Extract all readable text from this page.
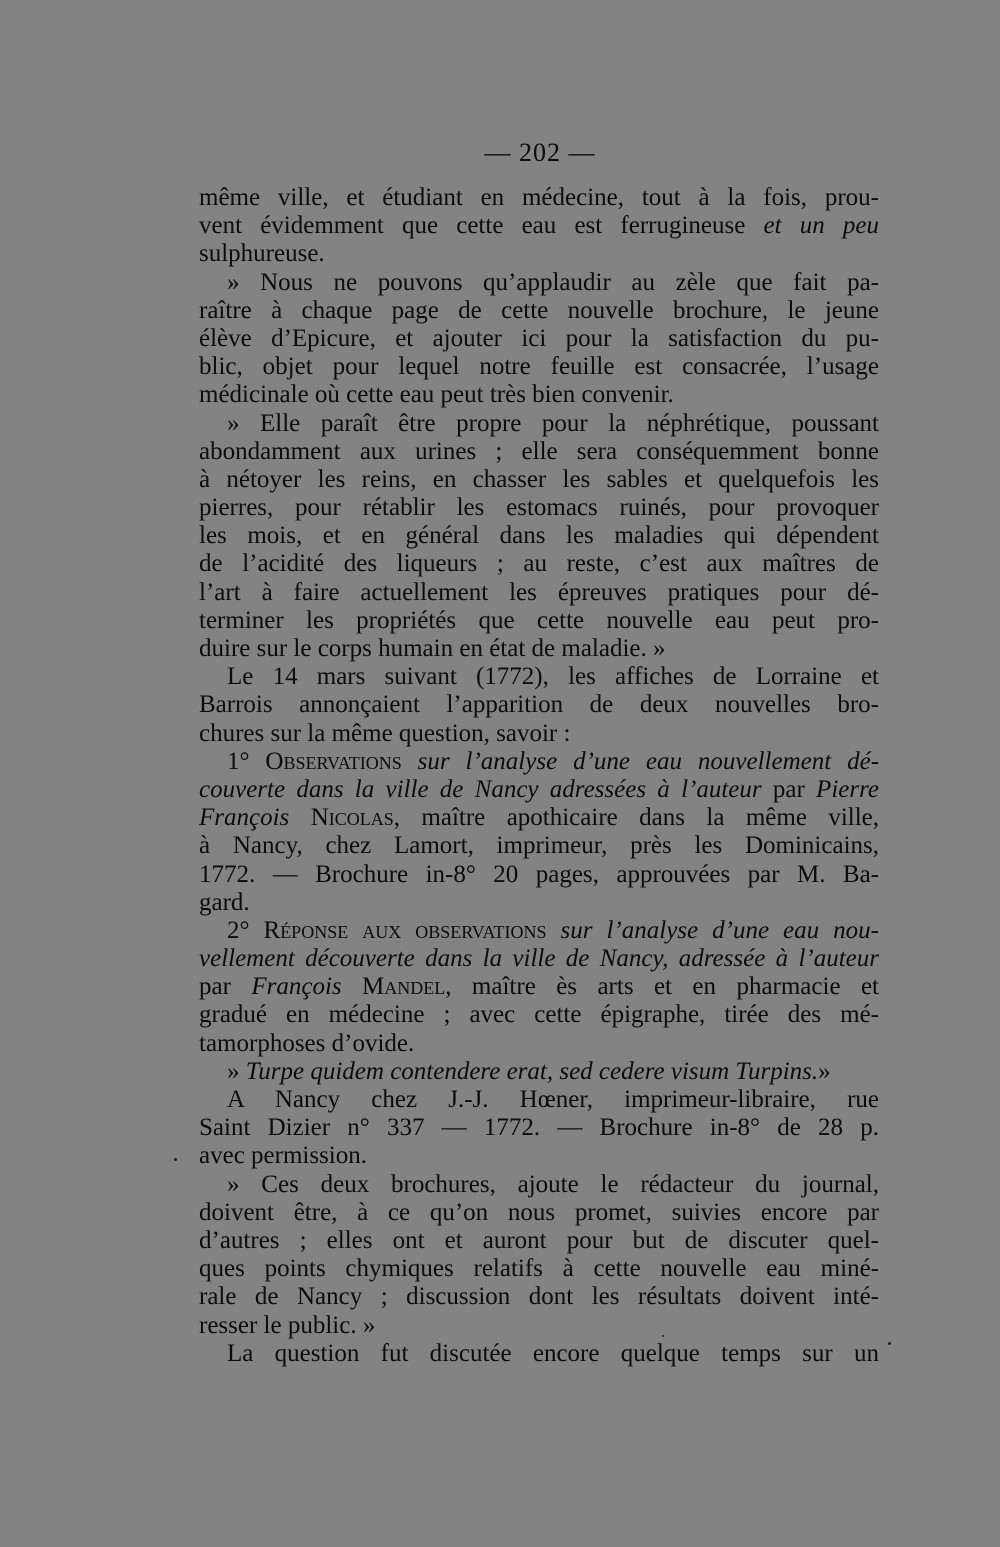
— 202 —
même ville, et étudiant en médecine, tout à la fois, prou-
vent évidemment que cette eau est ferrugineuse et un peu
sulphureuse.
» Nous ne pouvons qu’applaudir au zèle que fait pa-
raître à chaque page de cette nouvelle brochure, le jeune
élève d’Epicure, et ajouter ici pour la satisfaction du pu-
blic, objet pour lequel notre feuille est consacrée, l’usage
médicinale où cette eau peut très bien convenir.
» Elle paraît être propre pour la néphrétique, poussant
abondamment aux urines ; elle sera conséquemment bonne
à nétoyer les reins, en chasser les sables et quelquefois les
pierres, pour rétablir les estomacs ruinés, pour provoquer
les mois, et en général dans les maladies qui dépendent
de l’acidité des liqueurs ; au reste, c’est aux maîtres de
l’art à faire actuellement les épreuves pratiques pour dé-
terminer les propriétés que cette nouvelle eau peut pro-
duire sur le corps humain en état de maladie. »
Le 14 mars suivant (1772), les affiches de Lorraine et
Barrois annonçaient l’apparition de deux nouvelles bro-
chures sur la même question, savoir :
1° Observations sur l’analyse d’une eau nouvellement dé-
couverte dans la ville de Nancy adressées à l’auteur par Pierre
François Nicolas, maître apothicaire dans la même ville,
à Nancy, chez Lamort, imprimeur, près les Dominicains,
1772. — Brochure in-8° 20 pages, approuvées par M. Ba-
gard.
2° Réponse aux observations sur l’analyse d’une eau nou-
vellement découverte dans la ville de Nancy, adressée à l’auteur
par François Mandel, maître ès arts et en pharmacie et
gradué en médecine ; avec cette épigraphe, tirée des mé-
tamorphoses d’ovide.
» Turpe quidem contendere erat, sed cedere visum Turpins.»
A Nancy chez J.-J. Hœner, imprimeur-libraire, rue
Saint Dizier n° 337 — 1772. — Brochure in-8° de 28 p.
avec permission.
» Ces deux brochures, ajoute le rédacteur du journal,
doivent être, à ce qu’on nous promet, suivies encore par
d’autres ; elles ont et auront pour but de discuter quel-
ques points chymiques relatifs à cette nouvelle eau miné-
rale de Nancy ; discussion dont les résultats doivent inté-
resser le public. »
La question fut discutée encore quelque temps sur un
